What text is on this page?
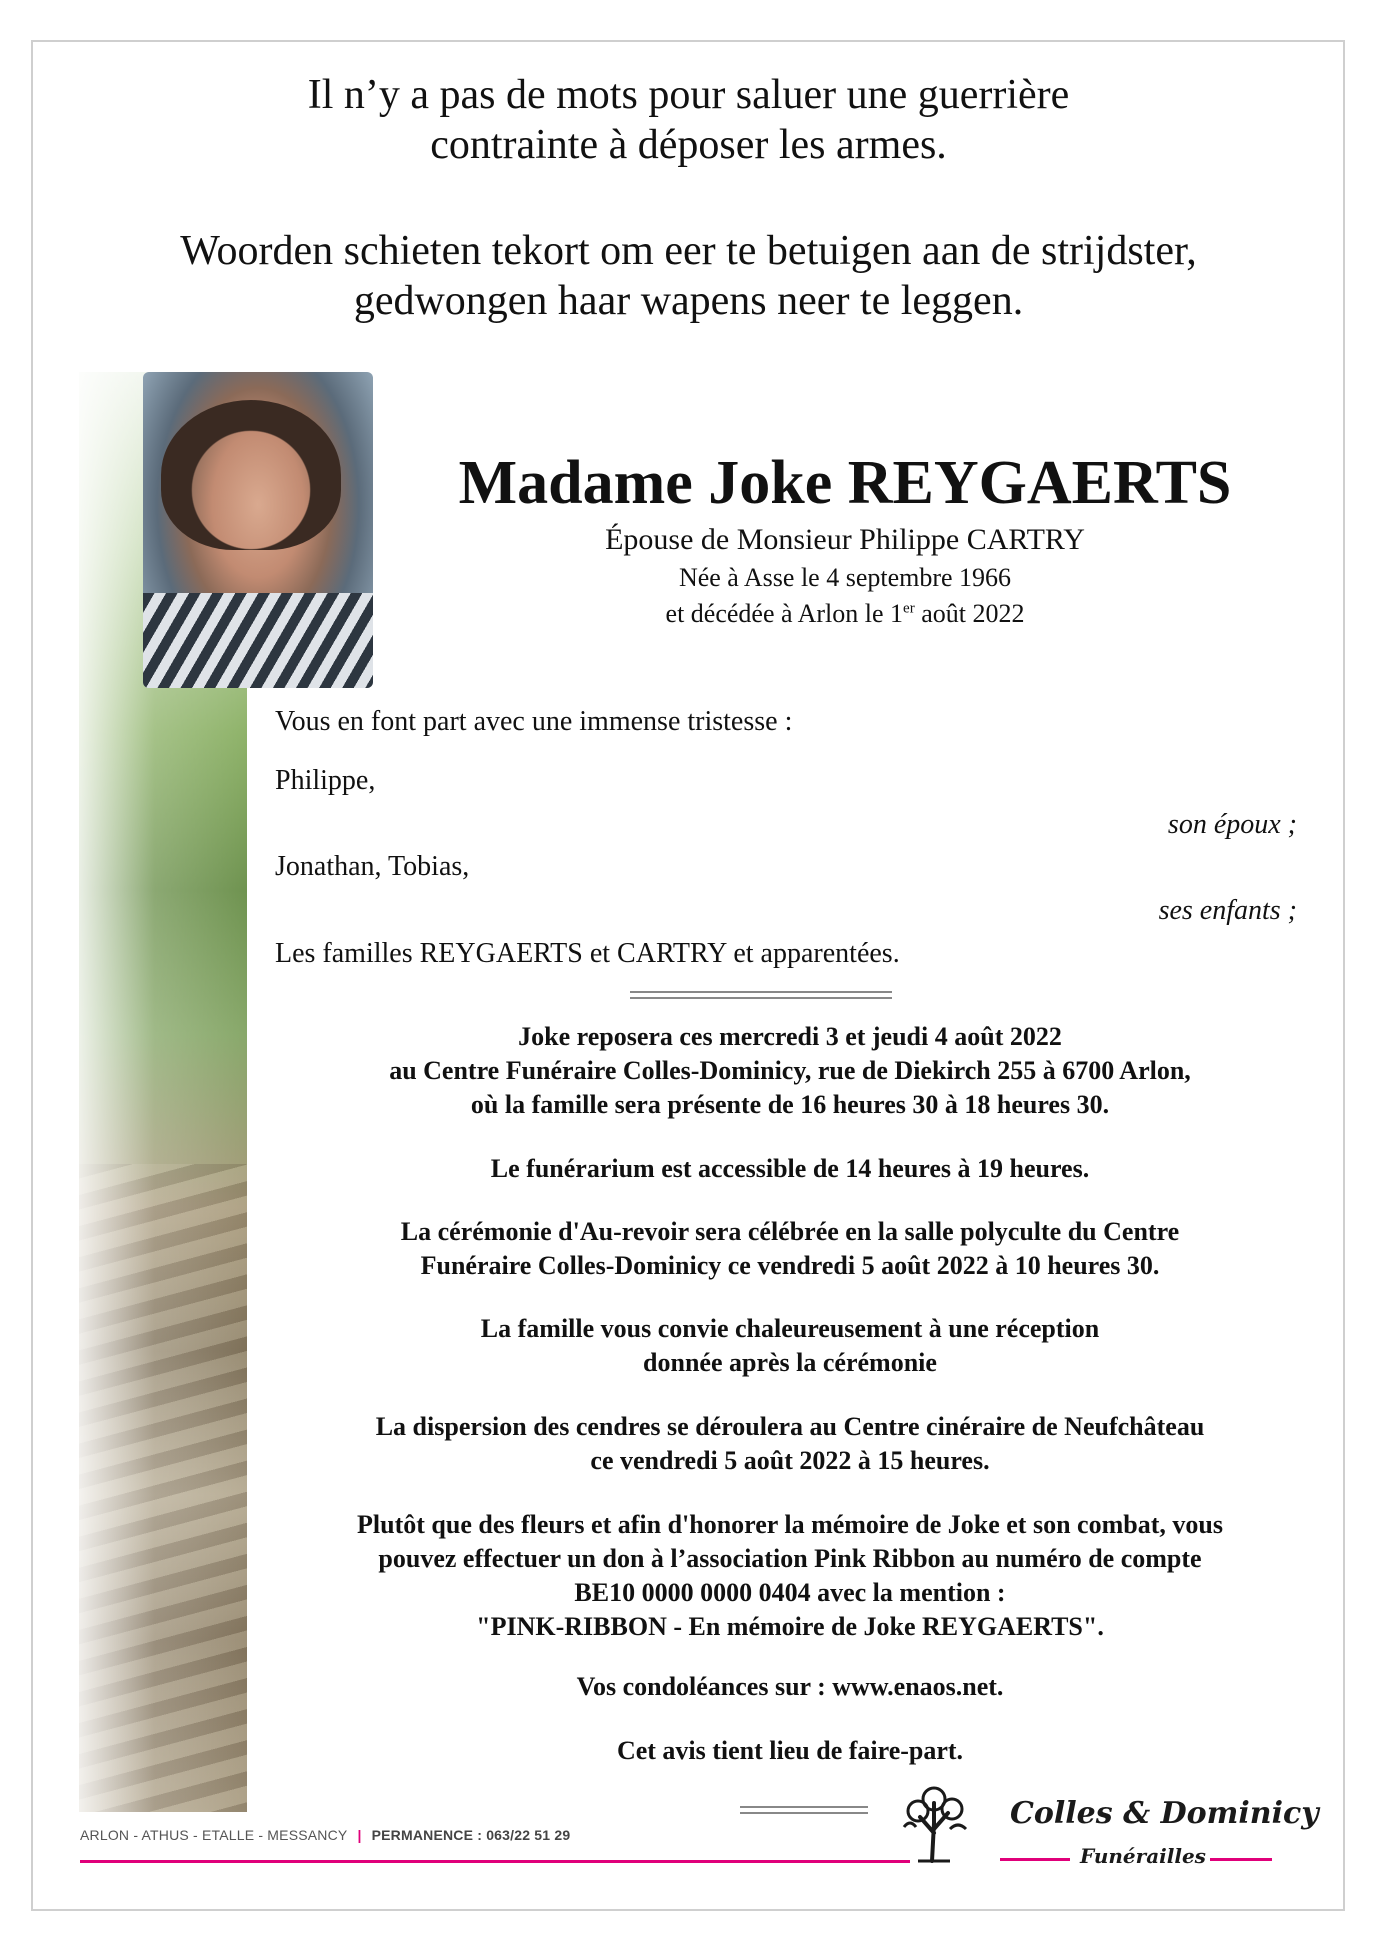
Il n’y a pas de mots pour saluer une guerrière
contrainte à déposer les armes.
Woorden schieten tekort om eer te betuigen aan de strijdster,
gedwongen haar wapens neer te leggen.
Madame Joke REYGAERTS
Épouse de Monsieur Philippe CARTRY
Née à Asse le 4 septembre 1966
et décédée à Arlon le 1er août 2022
Vous en font part avec une immense tristesse :
Philippe,
son époux ;
Jonathan, Tobias,
ses enfants ;
Les familles REYGAERTS et CARTRY et apparentées.
Joke reposera ces mercredi 3 et jeudi 4 août 2022
au Centre Funéraire Colles-Dominicy, rue de Diekirch 255 à 6700 Arlon,
où la famille sera présente de 16 heures 30 à 18 heures 30.
Le funérarium est accessible de 14 heures à 19 heures.
La cérémonie d'Au-revoir sera célébrée en la salle polyculte du Centre
Funéraire Colles-Dominicy ce vendredi 5 août 2022 à 10 heures 30.
La famille vous convie chaleureusement à une réception
donnée après la cérémonie
La dispersion des cendres se déroulera au Centre cinéraire de Neufchâteau
ce vendredi 5 août 2022 à 15 heures.
Plutôt que des fleurs et afin d'honorer la mémoire de Joke et son combat, vous
pouvez effectuer un don à l’association Pink Ribbon au numéro de compte
BE10 0000 0000 0404 avec la mention :
"PINK-RIBBON - En mémoire de Joke REYGAERTS".
Vos condoléances sur : www.enaos.net.
Cet avis tient lieu de faire-part.
ARLON - ATHUS - ETALLE - MESSANCY | PERMANENCE : 063/22 51 29
Colles & Dominicy
Funérailles
